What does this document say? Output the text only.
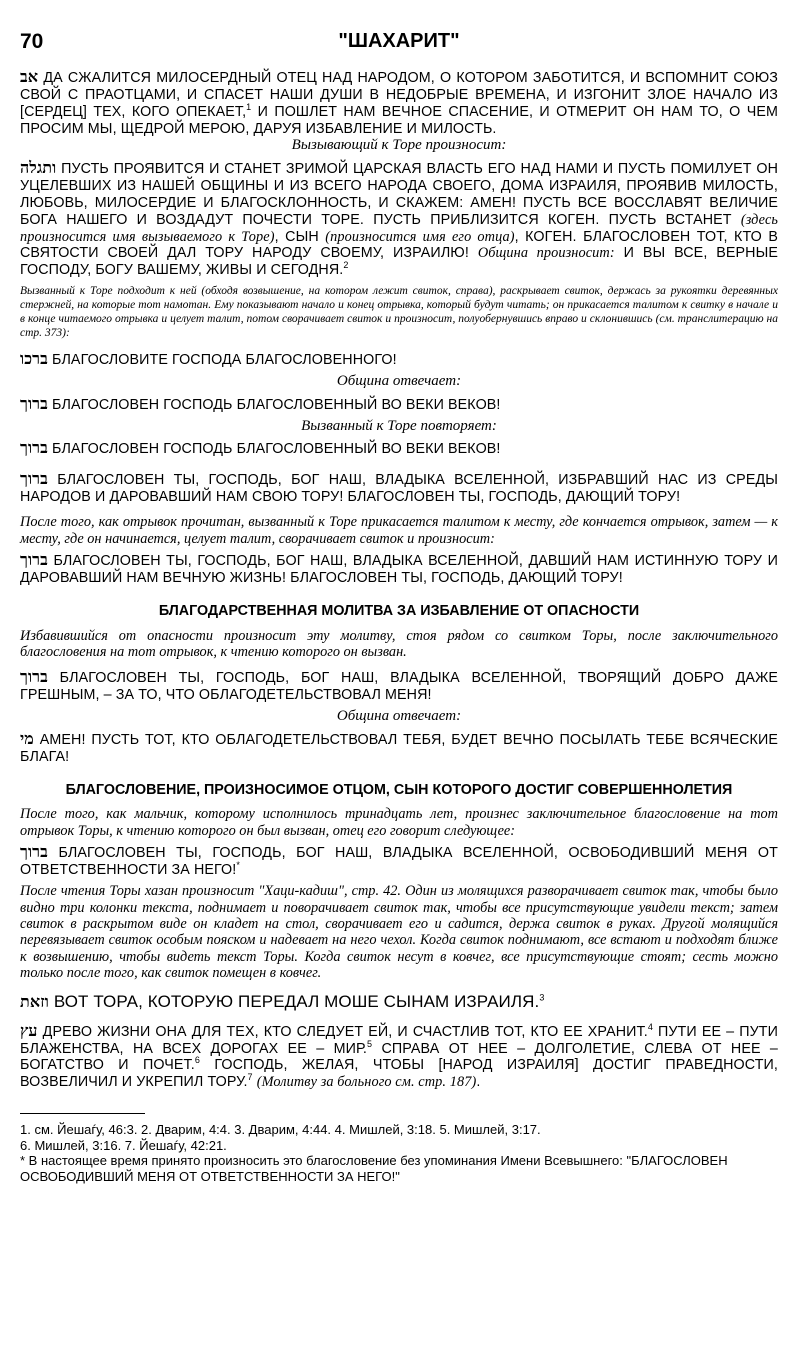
70	"ШАХАРИТ"

אב ДА СЖАЛИТСЯ МИЛОСЕРДНЫЙ ОТЕЦ НАД НАРОДОМ, О КОТОРОМ ЗАБОТИТСЯ, И ВСПОМНИТ СОЮЗ СВОЙ С ПРАОТЦАМИ, И СПАСЕТ НАШИ ДУШИ В НЕДОБРЫЕ ВРЕМЕНА, И ИЗГОНИТ ЗЛОЕ НАЧАЛО ИЗ [СЕРДЕЦ] ТЕХ, КОГО ОПЕКАЕТ,$^1$ И ПОШЛЕТ НАМ ВЕЧНОЕ СПАСЕНИЕ, И ОТМЕРИТ ОН НАМ ТО, О ЧЕМ ПРОСИМ МЫ, ЩЕДРОЙ МЕРОЮ, ДАРУЯ ИЗБАВЛЕНИЕ И МИЛОСТЬ.

Вызывающий к Торе произносит:

ותגלה ПУСТЬ ПРОЯВИТСЯ И СТАНЕТ ЗРИМОЙ ЦАРСКАЯ ВЛАСТЬ ЕГО НАД НАМИ И ПУСТЬ ПОМИЛУЕТ ОН УЦЕЛЕВШИХ ИЗ НАШЕЙ ОБЩИНЫ И ИЗ ВСЕГО НАРОДА СВОЕГО, ДОМА ИЗРАИЛЯ, ПРОЯВИВ МИЛОСТЬ, ЛЮБОВЬ, МИЛОСЕРДИЕ И БЛАГОСКЛОННОСТЬ, И СКАЖЕМ: АМЕН! ПУСТЬ ВСЕ ВОССЛАВЯТ ВЕЛИЧИЕ БОГА НАШЕГО И ВОЗДАДУТ ПОЧЕСТИ ТОРЕ. ПУСТЬ ПРИБЛИЗИТСЯ КОГЕН. ПУСТЬ ВСТАНЕТ (здесь произносится имя вызываемого к Торе), СЫН (произносится имя его отца), КОГЕН. БЛАГОСЛОВЕН ТОТ, КТО В СВЯТОСТИ СВОЕЙ ДАЛ ТОРУ НАРОДУ СВОЕМУ, ИЗРАИЛЮ! Община произносит: И ВЫ ВСЕ, ВЕРНЫЕ ГОСПОДУ, БОГУ ВАШЕМУ, ЖИВЫ И СЕГОДНЯ.$^2$

Вызванный к Торе подходит к ней (обходя возвышение, на котором лежит свиток, справа), раскрывает свиток, держась за рукоятки деревянных стержней, на которые тот намотан. Ему показывают начало и конец отрывка, который будут читать; он прикасается талитом к свитку в начале и в конце читаемого отрывка и целует талит, потом сворачивает свиток и произносит, полуобернувшись вправо и склонившись (см. транслитерацию на стр. 373):

ברכו БЛАГОСЛОВИТЕ ГОСПОДА БЛАГОСЛОВЕННОГО!

Община отвечает:

ברוך БЛАГОСЛОВЕН ГОСПОДЬ БЛАГОСЛОВЕННЫЙ ВО ВЕКИ ВЕКОВ!

Вызванный к Торе повторяет:

ברוך БЛАГОСЛОВЕН ГОСПОДЬ БЛАГОСЛОВЕННЫЙ ВО ВЕКИ ВЕКОВ!

ברוך БЛАГОСЛОВЕН ТЫ, ГОСПОДЬ, БОГ НАШ, ВЛАДЫКА ВСЕЛЕННОЙ, ИЗБРАВШИЙ НАС ИЗ СРЕДЫ НАРОДОВ И ДАРОВАВШИЙ НАМ СВОЮ ТОРУ! БЛАГОСЛОВЕН ТЫ, ГОСПОДЬ, ДАЮЩИЙ ТОРУ!

После того, как отрывок прочитан, вызванный к Торе прикасается талитом к месту, где кончается отрывок, затем — к месту, где он начинается, целует талит, сворачивает свиток и произносит:

ברוך БЛАГОСЛОВЕН ТЫ, ГОСПОДЬ, БОГ НАШ, ВЛАДЫКА ВСЕЛЕННОЙ, ДАВШИЙ НАМ ИСТИННУЮ ТОРУ И ДАРОВАВШИЙ НАМ ВЕЧНУЮ ЖИЗНЬ! БЛАГОСЛОВЕН ТЫ, ГОСПОДЬ, ДАЮЩИЙ ТОРУ!

БЛАГОДАРСТВЕННАЯ МОЛИТВА ЗА ИЗБАВЛЕНИЕ ОТ ОПАСНОСТИ

Избавившийся от опасности произносит эту молитву, стоя рядом со свитком Торы, после заключительного благословения на тот отрывок, к чтению которого он вызван.

ברוך БЛАГОСЛОВЕН ТЫ, ГОСПОДЬ, БОГ НАШ, ВЛАДЫКА ВСЕЛЕННОЙ, ТВОРЯЩИЙ ДОБРО ДАЖЕ ГРЕШНЫМ, – ЗА ТО, ЧТО ОБЛАГОДЕТЕЛЬСТВОВАЛ МЕНЯ!

Община отвечает:

מי АМЕН! ПУСТЬ ТОТ, КТО ОБЛАГОДЕТЕЛЬСТВОВАЛ ТЕБЯ, БУДЕТ ВЕЧНО ПОСЫЛАТЬ ТЕБЕ ВСЯЧЕСКИЕ БЛАГА!

БЛАГОСЛОВЕНИЕ, ПРОИЗНОСИМОЕ ОТЦОМ, СЫН КОТОРОГО ДОСТИГ СОВЕРШЕННОЛЕТИЯ

После того, как мальчик, которому исполнилось тринадцать лет, произнес заключительное благословение на тот отрывок Торы, к чтению которого он был вызван, отец его говорит следующее:

ברוך БЛАГОСЛОВЕН ТЫ, ГОСПОДЬ, БОГ НАШ, ВЛАДЫКА ВСЕЛЕННОЙ, ОСВОБОДИВШИЙ МЕНЯ ОТ ОТВЕТСТВЕННОСТИ ЗА НЕГО!*

После чтения Торы хазан произносит "Хаци-кадиш", стр. 42. Один из молящихся разворачивает свиток так, чтобы было видно три колонки текста, поднимает и поворачивает свиток так, чтобы все присутствующие увидели текст; затем свиток в раскрытом виде он кладет на стол, сворачивает его и садится, держа свиток в руках. Другой молящийся перевязывает свиток особым пояском и надевает на него чехол. Когда свиток поднимают, все встают и подходят ближе к возвышению, чтобы видеть текст Торы. Когда свиток несут в ковчег, все присутствующие стоят; сесть можно только после того, как свиток помещен в ковчег.

וזאת ВОТ ТОРА, КОТОРУЮ ПЕРЕДАЛ МОШЕ СЫНАМ ИЗРАИЛЯ.$^3$

עץ ДРЕВО ЖИЗНИ ОНА ДЛЯ ТЕХ, КТО СЛЕДУЕТ ЕЙ, И СЧАСТЛИВ ТОТ, КТО ЕЕ ХРАНИТ.$^4$ ПУТИ ЕЕ – ПУТИ БЛАЖЕНСТВА, НА ВСЕХ ДОРОГАХ ЕЕ – МИР.$^5$ СПРАВА ОТ НЕЕ – ДОЛГОЛЕТИЕ, СЛЕВА ОТ НЕЕ – БОГАТСТВО И ПОЧЕТ.$^6$ ГОСПОДЬ, ЖЕЛАЯ, ЧТОБЫ [НАРОД ИЗРАИЛЯ] ДОСТИГ ПРАВЕДНОСТИ, ВОЗВЕЛИЧИЛ И УКРЕПИЛ ТОРУ.$^7$ (Молитву за больного см. стр. 187).

1. см. Йешаѓу, 46:3. 2. Дварим, 4:4. 3. Дварим, 4:44. 4. Мишлей, 3:18. 5. Мишлей, 3:17.

6. Мишлей, 3:16. 7. Йешаѓу, 42:21.

* В настоящее время принято произносить это благословение без упоминания Имени Всевышнего: "БЛАГОСЛОВЕН ОСВОБОДИВШИЙ МЕНЯ ОТ ОТВЕТСТВЕННОСТИ ЗА НЕГО!"
